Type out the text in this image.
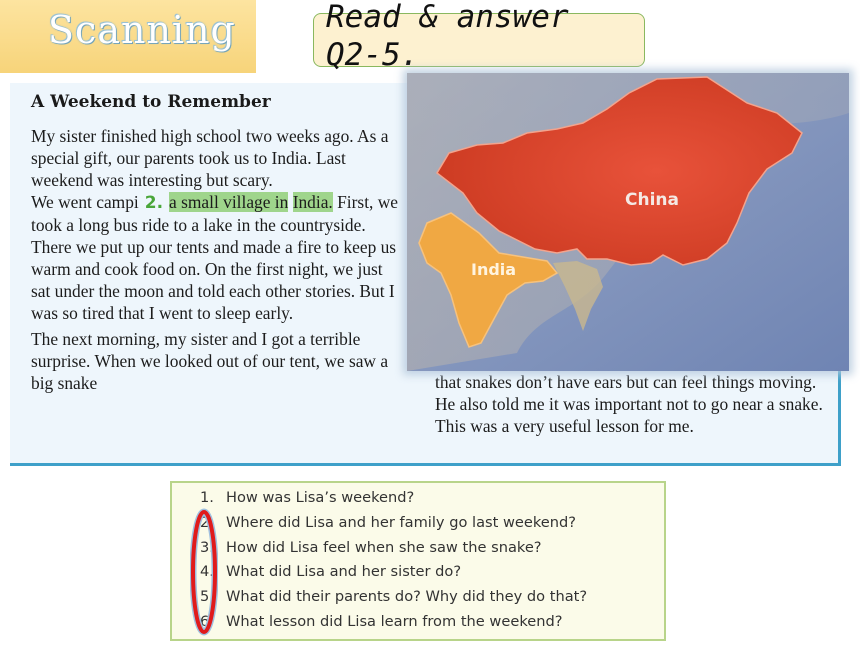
Scanning	Read & answer Q2-5.
A Weekend to Remember

My sister finished high school two weeks ago. As a special gift, our parents took us to India. Last weekend was interesting but scary.

We went campi 2. a small village in India. First, we took a long bus ride to a lake in the countryside. There we put up our tents and made a fire to keep us warm and cook food on. On the first night, we just sat under the moon and told each other stories. But I was so tired that I went to sleep early.

The next morning, my sister and I got a terrible surprise. When we looked out of our tent, we saw a big snake	that snakes don’t have ears but can feel things moving. He also told me it was important not to go near a snake. This was a very useful lesson for me.

China
India
1. How was Lisa’s weekend?
2. Where did Lisa and her family go last weekend?
3. How did Lisa feel when she saw the snake?
4. What did Lisa and her sister do?
5. What did their parents do? Why did they do that?
6. What lesson did Lisa learn from the weekend?
